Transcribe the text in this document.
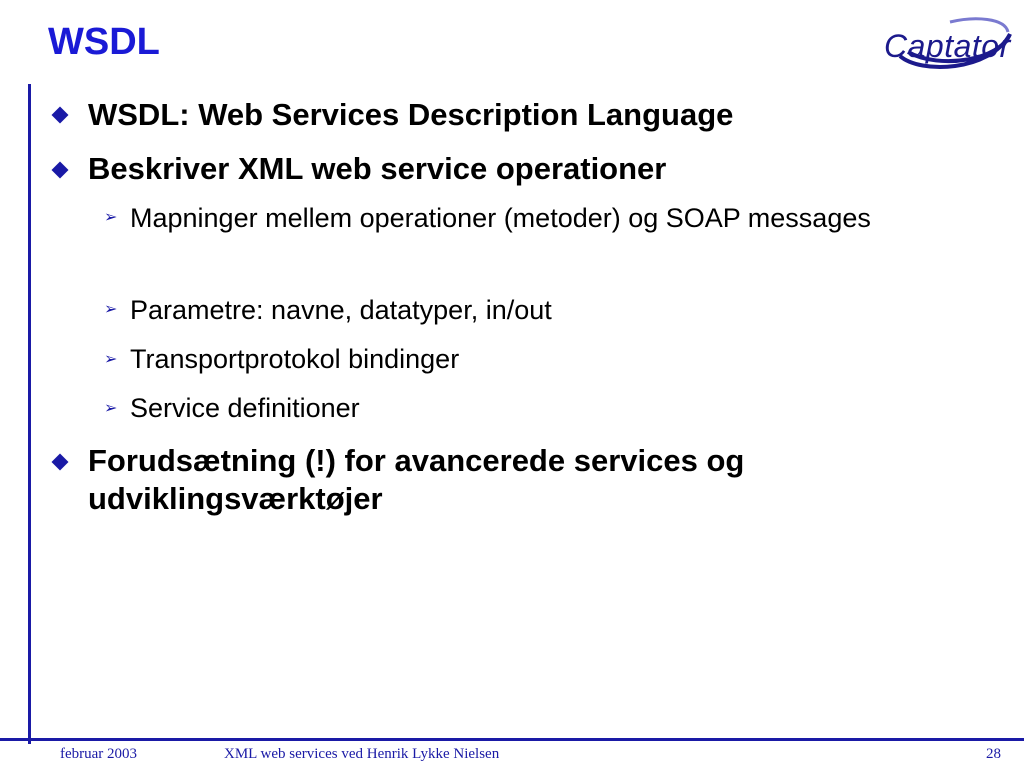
WSDL	Captator
WSDL: Web Services Description Language
Beskriver XML web service operationer
➢ Mapninger mellem operationer (metoder) og SOAP messages
➢ Parametre: navne, datatyper, in/out
➢ Transportprotokol bindinger
➢ Service definitioner
Forudsætning (!) for avancerede services og udviklingsværktøjer
februar 2003	XML web services ved Henrik Lykke Nielsen	28
